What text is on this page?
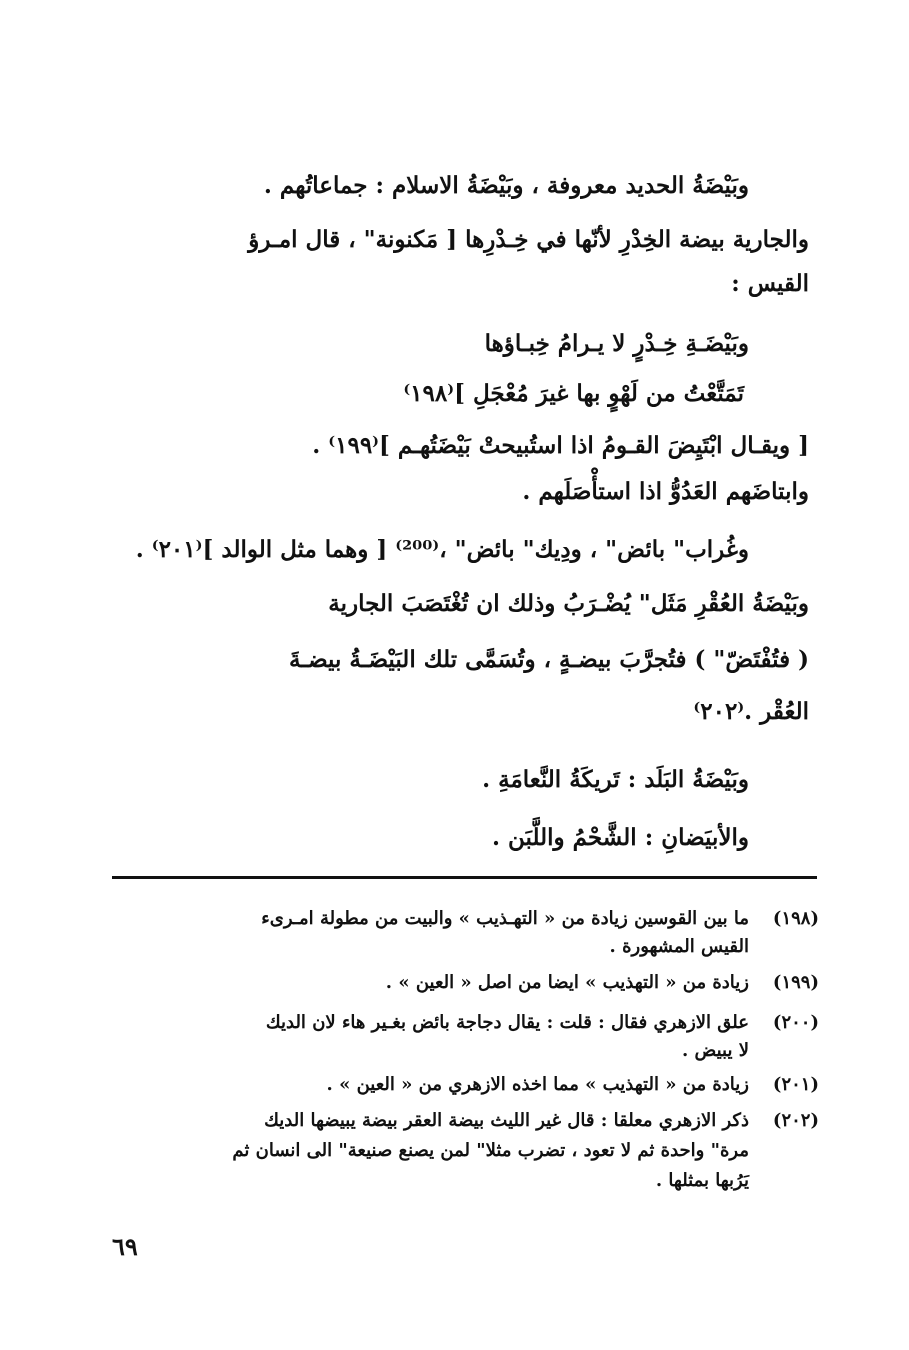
وبَيْضَةُ الحديد معروفة ، وبَيْضَةُ الاسلام : جماعاتُهم .
والجارية بيضة الخِدْرِ لأنّها في خِـدْرِها [ مَكنونة" ، قال امـرؤ
القيس :
وبَيْضَـةِ خِـدْرٍ لا يـرامُ خِبـاؤها
تَمَتَّعْتُ من لَهْوٍ بها غيرَ مُعْجَلِ ]⁽١٩٨⁾
[ ويقـال ابْتَيِضَ القـومُ اذا استُبيحتْ بَيْضَتُهـم ]⁽١٩٩⁾ .
وابتاضَهم العَدُوُّ اذا استأْصَلَهم .
وغُراب" بائض" ، ودِيك" بائض" ،⁽²⁰⁰⁾ [ وهما مثل الوالد ]⁽٢٠١⁾ .
وبَيْضَةُ العُقْرِ مَثَل" يُضْـرَبُ وذلك ان تُغْتَصَبَ الجارية
( فتُفْتَضّ" ) فتُجرَّبَ بيضـةٍ ، وتُسَمَّى تلك البَيْضَـةُ بيضـةَ
العُقْر .⁽٢٠٢⁾
وبَيْضَةُ البَلَد : تَريكَةُ النَّعامَةِ .
والأبيَضانِ : الشَّحْمُ واللَّبَن .
(١٩٨)
ما بين القوسين زيادة من « التهـذيب » والبيت من مطولة امـرىء
القيس المشهورة .
(١٩٩)
زيادة من « التهذيب » ايضا من اصل « العين » .
(٢٠٠)
علق الازهري فقال : قلت : يقال دجاجة بائض بغـير هاء لان الديك
لا يبيض .
(٢٠١)
زيادة من « التهذيب » مما اخذه الازهري من « العين » .
(٢٠٢)
ذكر الازهري معلقا : قال غير الليث بيضة العقر بيضة يبيضها الديك
مرة" واحدة ثم لا تعود ، تضرب مثلا" لمن يصنع صنيعة" الى انسان ثم
يَرُبها بمثلها .
٦٩
